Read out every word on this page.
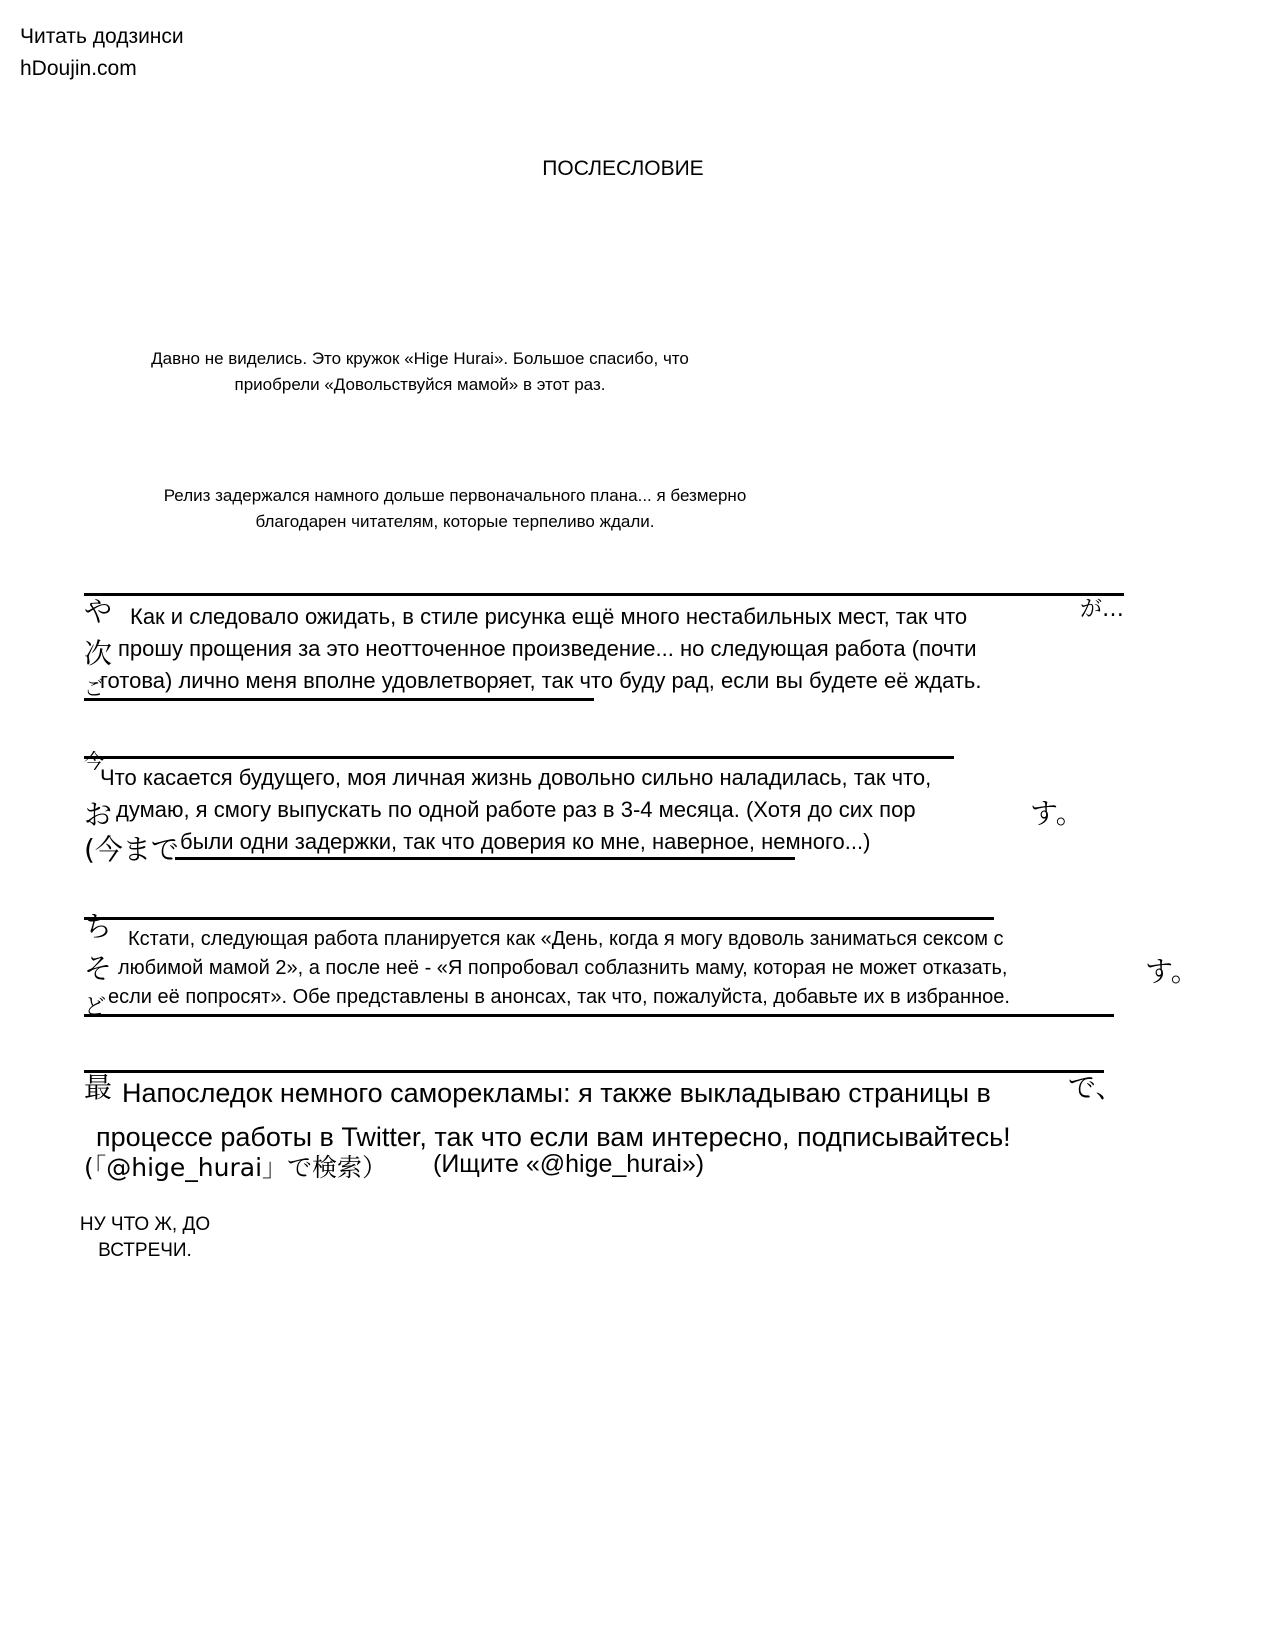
Читать додзинси
hDoujin.com
ПОСЛЕСЛОВИЕ
Давно не виделись. Это кружок «Hige Hurai». Большое спасибо, что
приобрели «Довольствуйся мамой» в этот раз.
Релиз задержался намного дольше первоначального плана... я безмерно
благодарен читателям, которые терпеливо ждали.
や
次
ご
が…
Как и следовало ожидать, в стиле рисунка ещё много нестабильных мест, так что
прошу прощения за это неотточенное произведение... но следующая работа (почти
готова) лично меня вполне удовлетворяет, так что буду рад, если вы будете её ждать.
今
お
(今まで
す。
Что касается будущего, моя личная жизнь довольно сильно наладилась, так что,
думаю, я смогу выпускать по одной работе раз в 3-4 месяца. (Хотя до сих пор
были одни задержки, так что доверия ко мне, наверное, немного...)
ち
そ
ど
す。
Кстати, следующая работа планируется как «День, когда я могу вдоволь заниматься сексом с
любимой мамой 2», а после неё - «Я попробовал соблазнить маму, которая не может отказать,
если её попросят». Обе представлены в анонсах, так что, пожалуйста, добавьте их в избранное.
最	で、
Напоследок немного саморекламы: я также выкладываю страницы в
процессе работы в Twitter, так что если вам интересно, подписывайтесь!
(「@hige_hurai」で検索） (Ищите «@hige_hurai»)
НУ ЧТО Ж, ДО
ВСТРЕЧИ.
